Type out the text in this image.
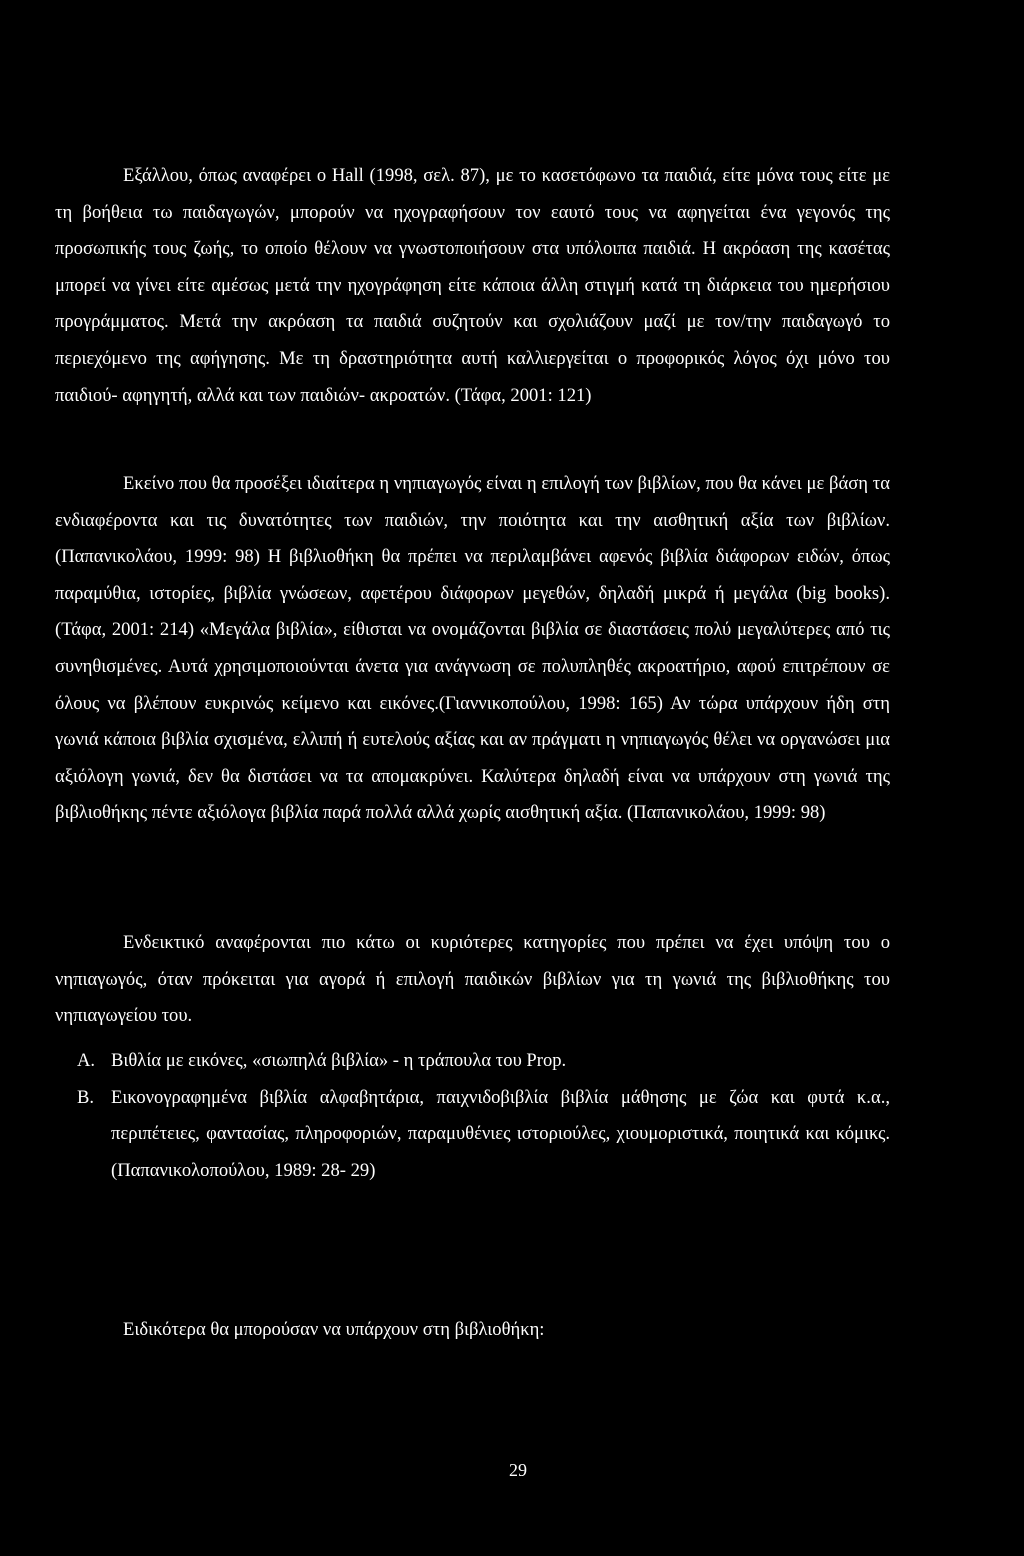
Εξάλλου, όπως αναφέρει ο Hall (1998, σελ. 87), με το κασετόφωνο τα παιδιά, είτε μόνα τους είτε με τη βοήθεια τω παιδαγωγών, μπορούν να ηχογραφήσουν τον εαυτό τους να αφηγείται ένα γεγονός της προσωπικής τους ζωής, το οποίο θέλουν να γνωστοποιήσουν στα υπόλοιπα παιδιά. Η ακρόαση της κασέτας μπορεί να γίνει είτε αμέσως μετά την ηχογράφηση είτε κάποια άλλη στιγμή κατά τη διάρκεια του ημερήσιου προγράμματος. Μετά την ακρόαση τα παιδιά συζητούν και σχολιάζουν μαζί με τον/την παιδαγωγό το περιεχόμενο της αφήγησης. Με τη δραστηριότητα αυτή καλλιεργείται ο προφορικός λόγος όχι μόνο του παιδιού- αφηγητή, αλλά και των παιδιών- ακροατών. (Τάφα, 2001: 121)

Εκείνο που θα προσέξει ιδιαίτερα η νηπιαγωγός είναι η επιλογή των βιβλίων, που θα κάνει με βάση τα ενδιαφέροντα και τις δυνατότητες των παιδιών, την ποιότητα και την αισθητική αξία των βιβλίων. (Παπανικολάου, 1999: 98) Η βιβλιοθήκη θα πρέπει να περιλαμβάνει αφενός βιβλία διάφορων ειδών, όπως παραμύθια, ιστορίες, βιβλία γνώσεων, αφετέρου διάφορων μεγεθών, δηλαδή μικρά ή μεγάλα (big books). (Τάφα, 2001: 214) «Μεγάλα βιβλία», είθισται να ονομάζονται βιβλία σε διαστάσεις πολύ μεγαλύτερες από τις συνηθισμένες. Αυτά χρησιμοποιούνται άνετα για ανάγνωση σε πολυπληθές ακροατήριο, αφού επιτρέπουν σε όλους να βλέπουν ευκρινώς κείμενο και εικόνες.(Γιαννικοπούλου, 1998: 165) Αν τώρα υπάρχουν ήδη στη γωνιά κάποια βιβλία σχισμένα, ελλιπή ή ευτελούς αξίας και αν πράγματι η νηπιαγωγός θέλει να οργανώσει μια αξιόλογη γωνιά, δεν θα διστάσει να τα απομακρύνει. Καλύτερα δηλαδή είναι να υπάρχουν στη γωνιά της βιβλιοθήκης πέντε αξιόλογα βιβλία παρά πολλά αλλά χωρίς αισθητική αξία. (Παπανικολάου, 1999: 98)

Ενδεικτικό αναφέρονται πιο κάτω οι κυριότερες κατηγορίες που πρέπει να έχει υπόψη του ο νηπιαγωγός, όταν πρόκειται για αγορά ή επιλογή παιδικών βιβλίων για τη γωνιά της βιβλιοθήκης του νηπιαγωγείου του.

A. Βιθλία με εικόνες, «σιωπηλά βιβλία» - η τράπουλα του Prop.
B. Εικονογραφημένα βιβλία αλφαβητάρια, παιχνιδοβιβλία βιβλία μάθησης με ζώα και φυτά κ.α., περιπέτειες, φαντασίας, πληροφοριών, παραμυθένιες ιστοριούλες, χιουμοριστικά, ποιητικά και κόμικς. (Παπανικολοπούλου, 1989: 28- 29)

Ειδικότερα θα μπορούσαν να υπάρχουν στη βιβλιοθήκη:

29
